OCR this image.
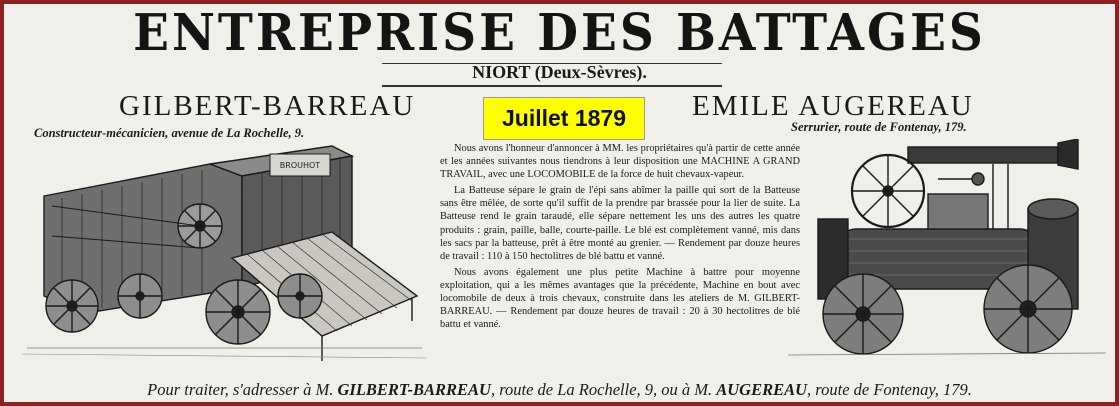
ENTREPRISE DES BATTAGES
NIORT (Deux-Sèvres).
GILBERT-BARREAU	EMILE AUGEREAU
Juillet 1879
Constructeur-mécanicien, avenue de La Rochelle, 9.	Serrurier, route de Fontenay, 179.
BROUHOT

Nous avons l'honneur d'annoncer à MM. les propriétaires qu'à partir de cette année et les années suivantes nous tiendrons à leur disposition une MACHINE A GRAND TRAVAIL, avec une LOCOMOBILE de la force de huit chevaux-vapeur.

La Batteuse sépare le grain de l'épi sans abîmer la paille qui sort de la Batteuse sans être mêlée, de sorte qu'il suffit de la prendre par brassée pour la lier de suite. La Batteuse rend le grain taraudé, elle sépare nettement les uns des autres les quatre produits : grain, paille, balle, courte-paille. Le blé est complètement vanné, mis dans les sacs par la batteuse, prêt à être monté au grenier. — Rendement par douze heures de travail : 110 à 150 hectolitres de blé battu et vanné.

Nous avons également une plus petite Machine à battre pour moyenne exploitation, qui a les mêmes avantages que la précédente, Machine en bout avec locomobile de deux à trois chevaux, construite dans les ateliers de M. GILBERT-BARREAU. — Rendement par douze heures de travail : 20 à 30 hectolitres de blé battu et vanné.

Pour traiter, s'adresser à M. GILBERT-BARREAU, route de La Rochelle, 9, ou à M. AUGEREAU, route de Fontenay, 179.
